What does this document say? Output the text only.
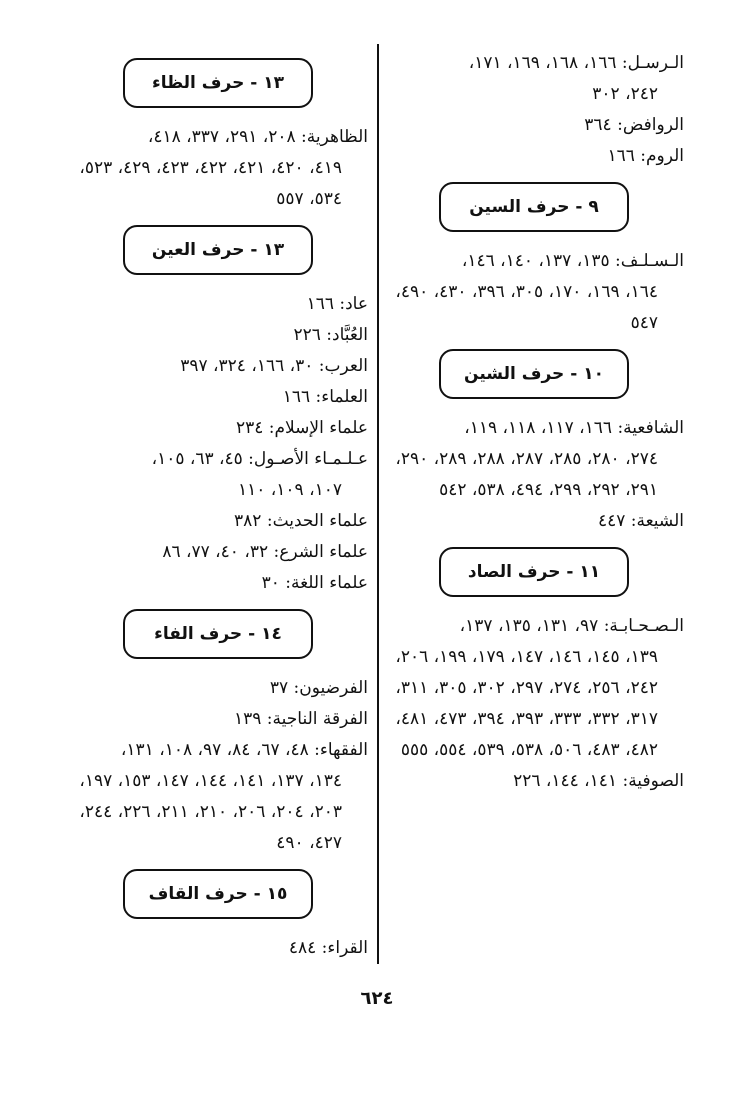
الـرسـل: ١٦٦، ١٦٨، ١٦٩، ١٧١،
٢٤٢، ٣٠٢
الروافض: ٣٦٤
الروم: ١٦٦
٩ - حرف السين
الـسـلـف: ١٣٥، ١٣٧، ١٤٠، ١٤٦،
١٦٤، ١٦٩، ١٧٠، ٣٠٥، ٣٩٦، ٤٣٠، ٤٩٠، ٥٤٧
١٠ - حرف الشين
الشافعية: ١٦٦، ١١٧، ١١٨، ١١٩،
٢٧٤، ٢٨٠، ٢٨٥، ٢٨٧، ٢٨٨، ٢٨٩، ٢٩٠، ٢٩١، ٢٩٢، ٢٩٩، ٤٩٤، ٥٣٨، ٥٤٢
الشيعة: ٤٤٧
١١ - حرف الصاد
الـصـحـابـة: ٩٧، ١٣١، ١٣٥، ١٣٧،
١٣٩، ١٤٥، ١٤٦، ١٤٧، ١٧٩، ١٩٩، ٢٠٦، ٢٤٢، ٢٥٦، ٢٧٤، ٢٩٧، ٣٠٢، ٣٠٥، ٣١١، ٣١٧، ٣٣٢، ٣٣٣، ٣٩٣، ٣٩٤، ٤٧٣، ٤٨١، ٤٨٢، ٤٨٣، ٥٠٦، ٥٣٨، ٥٣٩، ٥٥٤، ٥٥٥
الصوفية: ١٤١، ١٤٤، ٢٢٦
١٣ - حرف الظاء
الظاهرية: ٢٠٨، ٢٩١، ٣٣٧، ٤١٨،
٤١٩، ٤٢٠، ٤٢١، ٤٢٢، ٤٢٣، ٤٢٩، ٥٢٣، ٥٣٤، ٥٥٧
١٣ - حرف العين
عاد: ١٦٦
العُبَّاد: ٢٢٦
العرب: ٣٠، ١٦٦، ٣٢٤، ٣٩٧
العلماء: ١٦٦
علماء الإسلام: ٢٣٤
عـلـمـاء الأصـول: ٤٥، ٦٣، ١٠٥،
١٠٧، ١٠٩، ١١٠
علماء الحديث: ٣٨٢
علماء الشرع: ٣٢، ٤٠، ٧٧، ٨٦
علماء اللغة: ٣٠
١٤ - حرف الفاء
الفرضيون: ٣٧
الفرقة الناجية: ١٣٩
الفقهاء: ٤٨، ٦٧، ٨٤، ٩٧، ١٠٨، ١٣١،
١٣٤، ١٣٧، ١٤١، ١٤٤، ١٤٧، ١٥٣، ١٩٧، ٢٠٣، ٢٠٤، ٢٠٦، ٢١٠، ٢١١، ٢٢٦، ٢٤٤، ٤٢٧، ٤٩٠
١٥ - حرف القاف
القراء: ٤٨٤
٦٢٤
